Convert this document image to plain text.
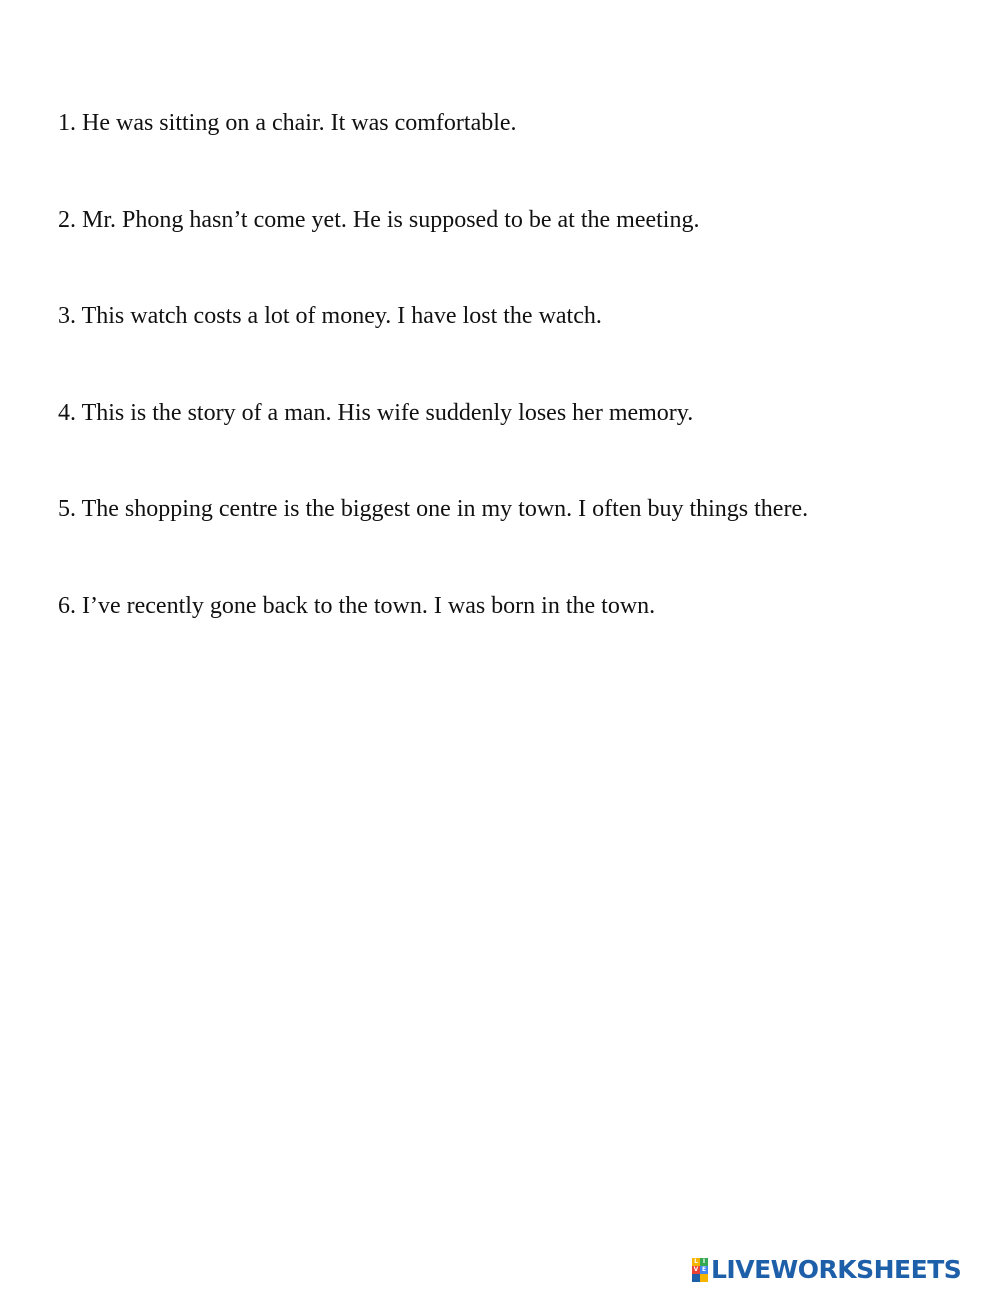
1. He was sitting on a chair. It was comfortable.

2. Mr. Phong hasn’t come yet. He is supposed to be at the meeting.

3. This watch costs a lot of money. I have lost the watch.

4. This is the story of a man. His wife suddenly loses her memory.

5. The shopping centre is the biggest one in my town. I often buy things there.

6. I’ve recently gone back to the town. I was born in the town.

L I
V E LIVEWORKSHEETS
